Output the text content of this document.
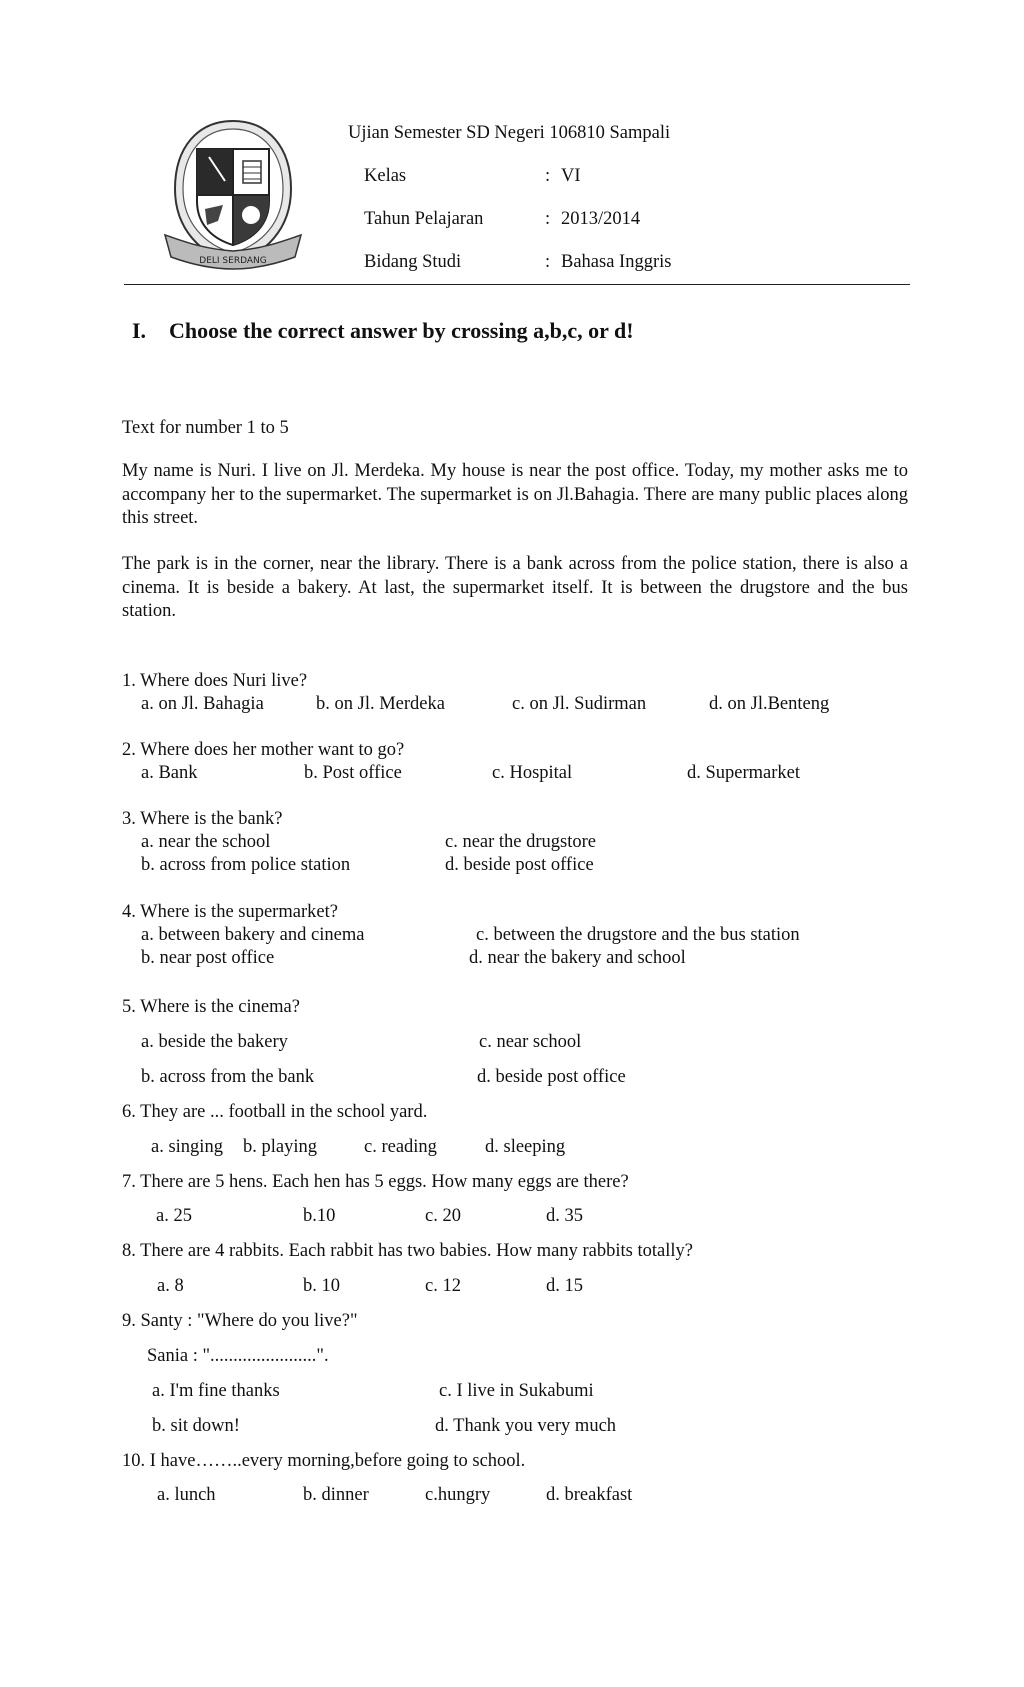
DELI SERDANG
Ujian Semester SD Negeri 106810 Sampali
Kelas	: VI
Tahun Pelajaran	: 2013/2014
Bidang Studi	: Bahasa Inggris
I. Choose the correct answer by crossing a,b,c, or d!
Text for number 1 to 5
My name is Nuri. I live on Jl. Merdeka. My house is near the post office. Today, my mother asks me to accompany her to the supermarket. The supermarket is on Jl.Bahagia. There are many public places along this street.
The park is in the corner, near the library. There is a bank across from the police station, there is also a cinema. It is beside a bakery. At last, the supermarket itself. It is between the drugstore and the bus station.
1. Where does Nuri live?
a. on Jl. Bahagia	b. on Jl. Merdeka	c. on Jl. Sudirman	d. on Jl.Benteng
2. Where does her mother want to go?
a. Bank	b. Post office	c. Hospital	d. Supermarket
3. Where is the bank?
a. near the school	c. near the drugstore
b. across from police station	d. beside post office
4. Where is the supermarket?
a. between bakery and cinema	c. between the drugstore and the bus station
b. near post office	d. near the bakery and school
5. Where is the cinema?
a. beside the bakery	c. near school
b. across from the bank	d. beside post office
6. They are ... football in the school yard.
a. singing b. playing	c. reading	d. sleeping
7. There are 5 hens. Each hen has 5 eggs. How many eggs are there?
a. 25	b.10	c. 20	d. 35
8. There are 4 rabbits. Each rabbit has two babies. How many rabbits totally?
a. 8	b. 10	c. 12	d. 15
9. Santy : "Where do you live?"
Sania : ".......................".
a. I'm fine thanks	c. I live in Sukabumi
b. sit down!	d. Thank you very much
10. I have……..every morning,before going to school.
a. lunch	b. dinner	c.hungry	d. breakfast
